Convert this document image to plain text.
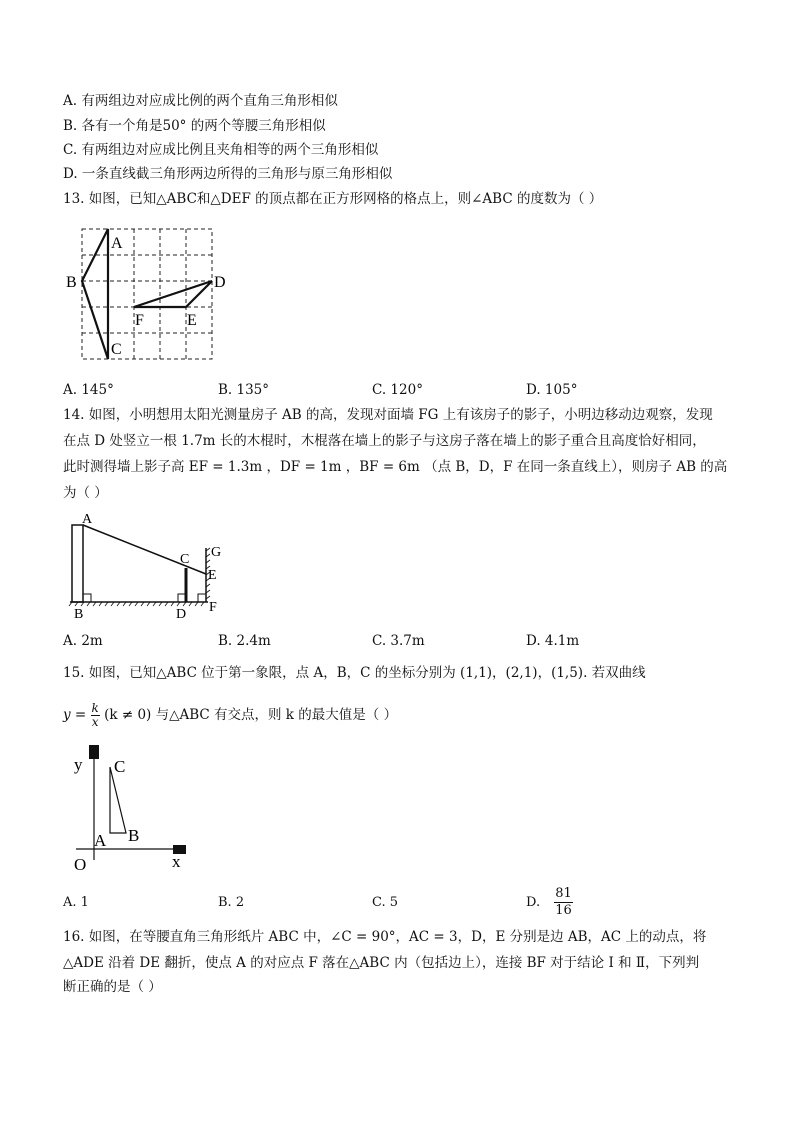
A. 有两组边对应成比例的两个直角三角形相似
B. 各有一个角是50° 的两个等腰三角形相似
C. 有两组边对应成比例且夹角相等的两个三角形相似
D. 一条直线截三角形两边所得的三角形与原三角形相似
13. 如图，已知△ABC和△DEF 的顶点都在正方形网格的格点上，则∠ABC 的度数为（ ）
A
B
C
D
E
F
A. 145°	B. 135°	C. 120°	D. 105°
14. 如图，小明想用太阳光测量房子 AB 的高，发现对面墙 FG 上有该房子的影子，小明边移动边观察，发现
在点 D 处竖立一根 1.7m 长的木棍时，木棍落在墙上的影子与这房子落在墙上的影子重合且高度恰好相同，
此时测得墙上影子高 EF = 1.3m ，DF = 1m ，BF = 6m （点 B，D，F 在同一条直线上），则房子 AB 的高
为（ ）
A
B
C
D
E
F
G
A. 2m	B. 2.4m	C. 3.7m	D. 4.1m
15. 如图，已知△ABC 位于第一象限，点 A，B，C 的坐标分别为 (1,1)，(2,1)，(1,5). 若双曲线
$y = \frac{k}{x} (k \ne 0)$ 与△ABC 有交点，则 k 的最大值是（ ）
y
x
O
A B
C
A. 1	B. 2	C. 5	D. $\frac{81}{16}$
16. 如图，在等腰直角三角形纸片 ABC 中，∠C = 90°，AC = 3，D，E 分别是边 AB，AC 上的动点，将
△ADE 沿着 DE 翻折，使点 A 的对应点 F 落在△ABC 内（包括边上），连接 BF 对于结论 Ⅰ 和 Ⅱ，下列判
断正确的是（ ）
